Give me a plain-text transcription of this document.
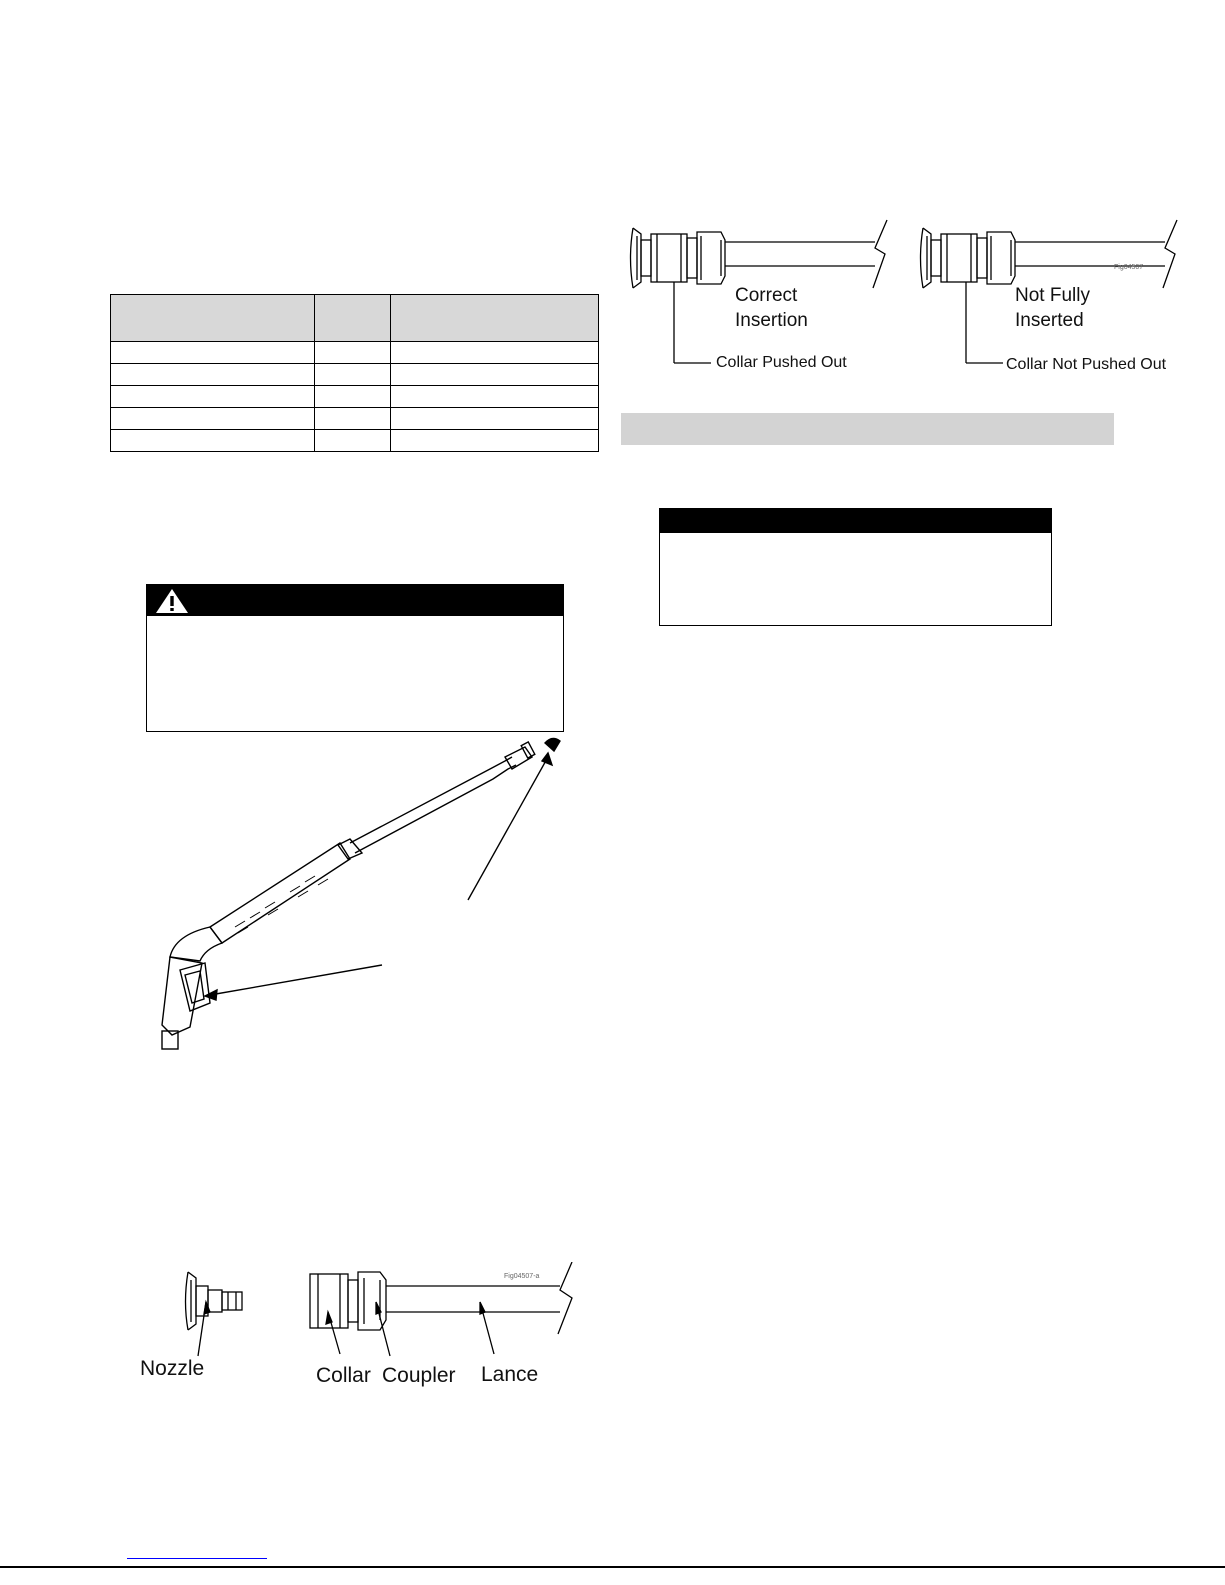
Correct
Insertion
Collar Pushed Out
Not Fully
Inserted
Collar Not Pushed Out
Fig04507
Nozzle	Collar Coupler Lance
Fig04507-a
